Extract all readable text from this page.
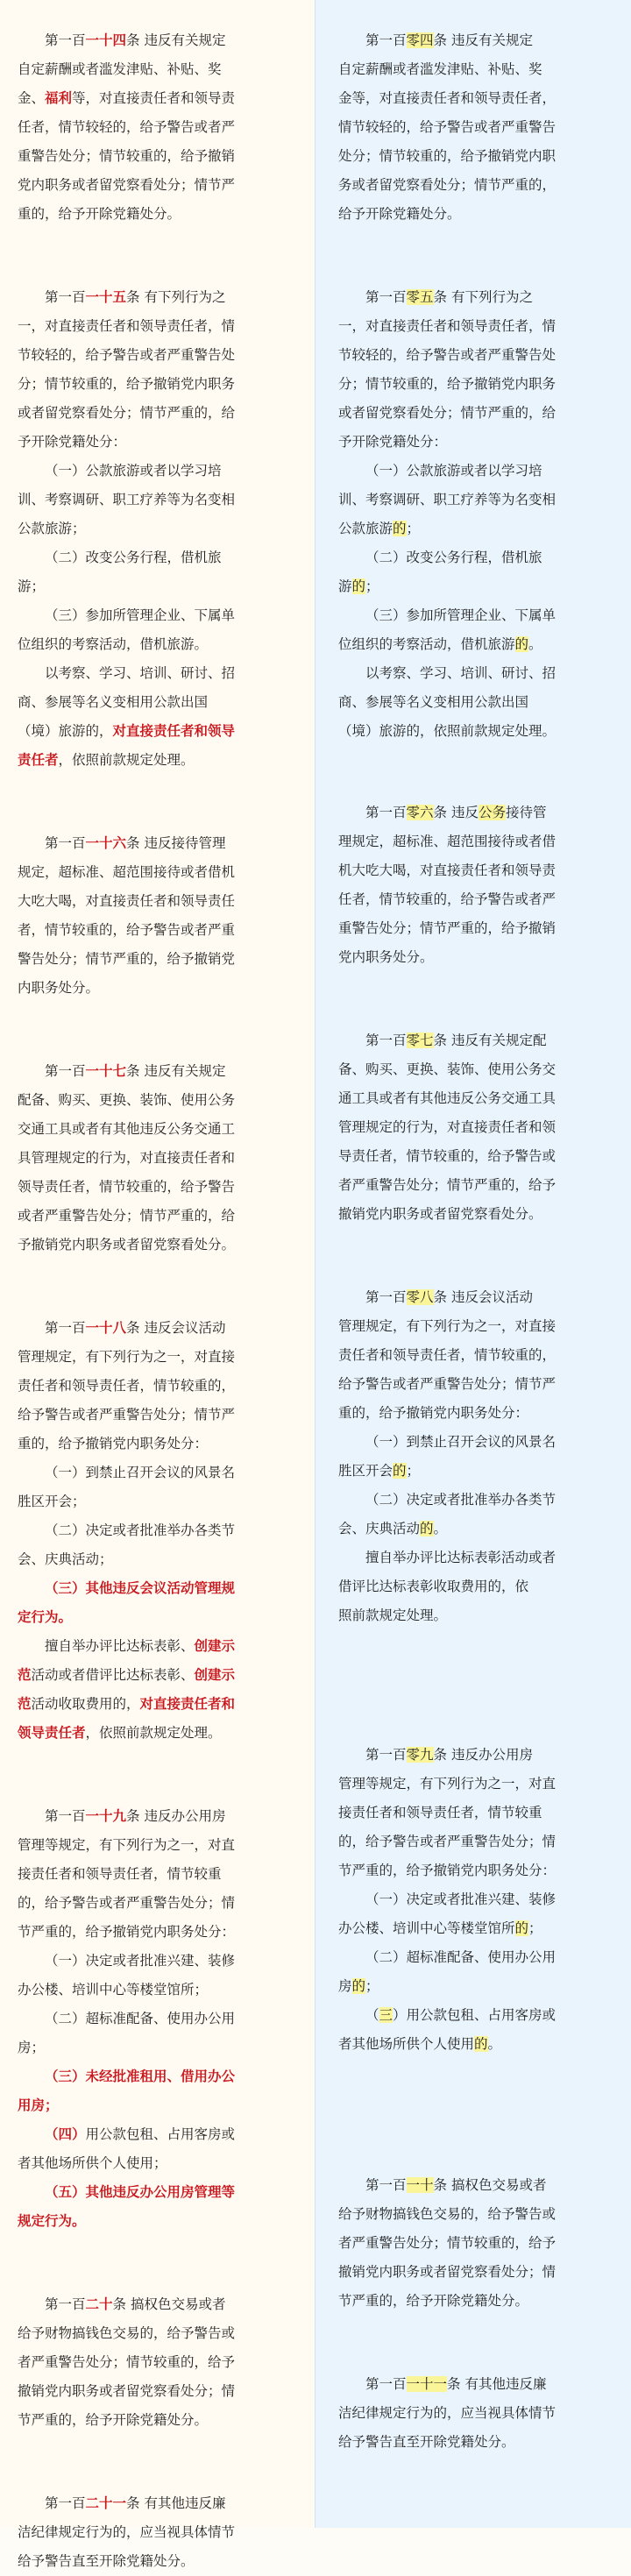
第一百一十四条 违反有关规定
自定薪酬或者滥发津贴、补贴、奖
金、福利等，对直接责任者和领导责
任者，情节较轻的，给予警告或者严
重警告处分；情节较重的，给予撤销
党内职务或者留党察看处分；情节严
重的，给予开除党籍处分。

第一百一十五条 有下列行为之
一，对直接责任者和领导责任者，情
节较轻的，给予警告或者严重警告处
分；情节较重的，给予撤销党内职务
或者留党察看处分；情节严重的，给
予开除党籍处分：

（一）公款旅游或者以学习培
训、考察调研、职工疗养等为名变相
公款旅游；

（二）改变公务行程，借机旅
游；

（三）参加所管理企业、下属单
位组织的考察活动，借机旅游。

以考察、学习、培训、研讨、招
商、参展等名义变相用公款出国
（境）旅游的，对直接责任者和领导
责任者，依照前款规定处理。

第一百一十六条 违反接待管理
规定，超标准、超范围接待或者借机
大吃大喝，对直接责任者和领导责任
者，情节较重的，给予警告或者严重
警告处分；情节严重的，给予撤销党
内职务处分。

第一百一十七条 违反有关规定
配备、购买、更换、装饰、使用公务
交通工具或者有其他违反公务交通工
具管理规定的行为，对直接责任者和
领导责任者，情节较重的，给予警告
或者严重警告处分；情节严重的，给
予撤销党内职务或者留党察看处分。

第一百一十八条 违反会议活动
管理规定，有下列行为之一，对直接
责任者和领导责任者，情节较重的，
给予警告或者严重警告处分；情节严
重的，给予撤销党内职务处分：

（一）到禁止召开会议的风景名
胜区开会；

（二）决定或者批准举办各类节
会、庆典活动；

（三）其他违反会议活动管理规
定行为。

擅自举办评比达标表彰、创建示
范活动或者借评比达标表彰、创建示
范活动收取费用的，对直接责任者和
领导责任者，依照前款规定处理。

第一百一十九条 违反办公用房
管理等规定，有下列行为之一，对直
接责任者和领导责任者，情节较重
的，给予警告或者严重警告处分；情
节严重的，给予撤销党内职务处分：

（一）决定或者批准兴建、装修
办公楼、培训中心等楼堂馆所；

（二）超标准配备、使用办公用
房；

（三）未经批准租用、借用办公
用房；

（四）用公款包租、占用客房或
者其他场所供个人使用；

（五）其他违反办公用房管理等
规定行为。

第一百二十条 搞权色交易或者
给予财物搞钱色交易的，给予警告或
者严重警告处分；情节较重的，给予
撤销党内职务或者留党察看处分；情
节严重的，给予开除党籍处分。

第一百二十一条 有其他违反廉
洁纪律规定行为的，应当视具体情节
给予警告直至开除党籍处分。

第一百零四条 违反有关规定
自定薪酬或者滥发津贴、补贴、奖
金等，对直接责任者和领导责任者，
情节较轻的，给予警告或者严重警告
处分；情节较重的，给予撤销党内职
务或者留党察看处分；情节严重的，
给予开除党籍处分。

第一百零五条 有下列行为之
一，对直接责任者和领导责任者，情
节较轻的，给予警告或者严重警告处
分；情节较重的，给予撤销党内职务
或者留党察看处分；情节严重的，给
予开除党籍处分：

（一）公款旅游或者以学习培
训、考察调研、职工疗养等为名变相
公款旅游的；

（二）改变公务行程，借机旅
游的；

（三）参加所管理企业、下属单
位组织的考察活动，借机旅游的。

以考察、学习、培训、研讨、招
商、参展等名义变相用公款出国
（境）旅游的，依照前款规定处理。

第一百零六条 违反公务接待管
理规定，超标准、超范围接待或者借
机大吃大喝，对直接责任者和领导责
任者，情节较重的，给予警告或者严
重警告处分；情节严重的，给予撤销
党内职务处分。

第一百零七条 违反有关规定配
备、购买、更换、装饰、使用公务交
通工具或者有其他违反公务交通工具
管理规定的行为，对直接责任者和领
导责任者，情节较重的，给予警告或
者严重警告处分；情节严重的，给予
撤销党内职务或者留党察看处分。

第一百零八条 违反会议活动
管理规定，有下列行为之一，对直接
责任者和领导责任者，情节较重的，
给予警告或者严重警告处分；情节严
重的，给予撤销党内职务处分：

（一）到禁止召开会议的风景名
胜区开会的；

（二）决定或者批准举办各类节
会、庆典活动的。

擅自举办评比达标表彰活动或者
借评比达标表彰收取费用的，依
照前款规定处理。

第一百零九条 违反办公用房
管理等规定，有下列行为之一，对直
接责任者和领导责任者，情节较重
的，给予警告或者严重警告处分；情
节严重的，给予撤销党内职务处分：

（一）决定或者批准兴建、装修
办公楼、培训中心等楼堂馆所的；

（二）超标准配备、使用办公用
房的；

（三）用公款包租、占用客房或
者其他场所供个人使用的。

第一百一十条 搞权色交易或者
给予财物搞钱色交易的，给予警告或
者严重警告处分；情节较重的，给予
撤销党内职务或者留党察看处分；情
节严重的，给予开除党籍处分。

第一百一十一条 有其他违反廉
洁纪律规定行为的，应当视具体情节
给予警告直至开除党籍处分。
